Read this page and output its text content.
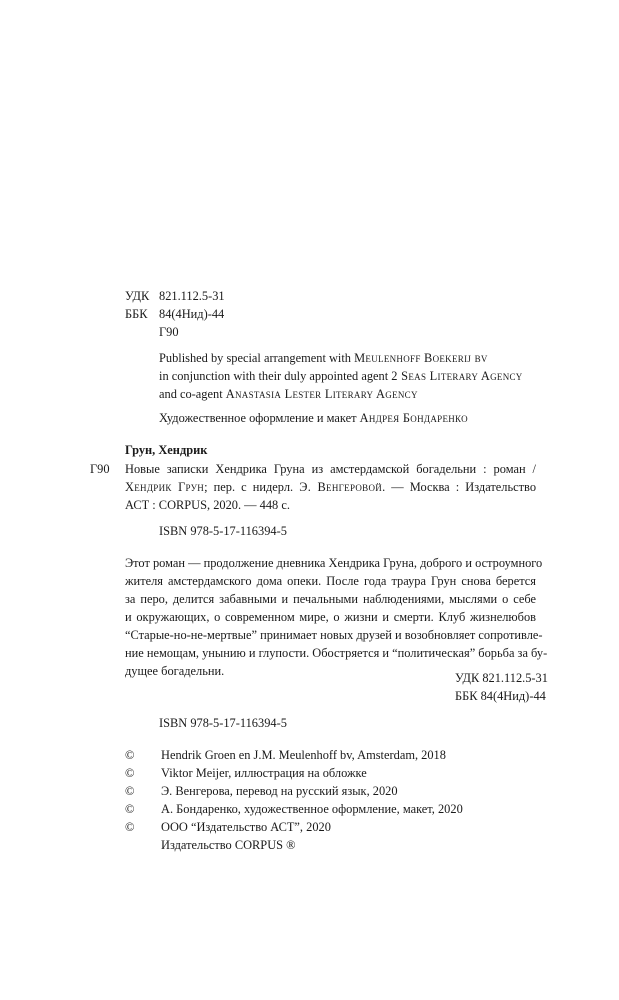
УДК 821.112.5-31
ББК 84(4Нид)-44
Г90
Published by special arrangement with Meulenhoff Boekerij bv
in conjunction with their duly appointed agent 2 Seas Literary Agency
and co-agent Anastasia Lester Literary Agency
Художественное оформление и макет Андрея Бондаренко
Грун, Хендрик
Г90 Новые записки Хендрика Груна из амстердамской богадельни : роман /
Хендрик Грун; пер. с нидерл. Э. Венгеровой. — Москва : Издательство
АСТ : CORPUS, 2020. — 448 с.
ISBN 978-5-17-116394-5
Этот роман — продолжение дневника Хендрика Груна, доброго и остроумного
жителя амстердамского дома опеки. После года траура Грун снова берется
за перо, делится забавными и печальными наблюдениями, мыслями о себе
и окружающих, о современном мире, о жизни и смерти. Клуб жизнелюбов
“Старые-но-не-мертвые” принимает новых друзей и возобновляет сопротивле-
ние немощам, унынию и глупости. Обостряется и “политическая” борьба за бу-
дущее богадельни.	УДК 821.112.5-31
ББК 84(4Нид)-44
ISBN 978-5-17-116394-5
© Hendrik Groen en J.M. Meulenhoff bv, Amsterdam, 2018
© Viktor Meijer, иллюстрация на обложке
© Э. Венгерова, перевод на русский язык, 2020
© А. Бондаренко, художественное оформление, макет, 2020
© ООО “Издательство АСТ”, 2020
Издательство CORPUS ®
